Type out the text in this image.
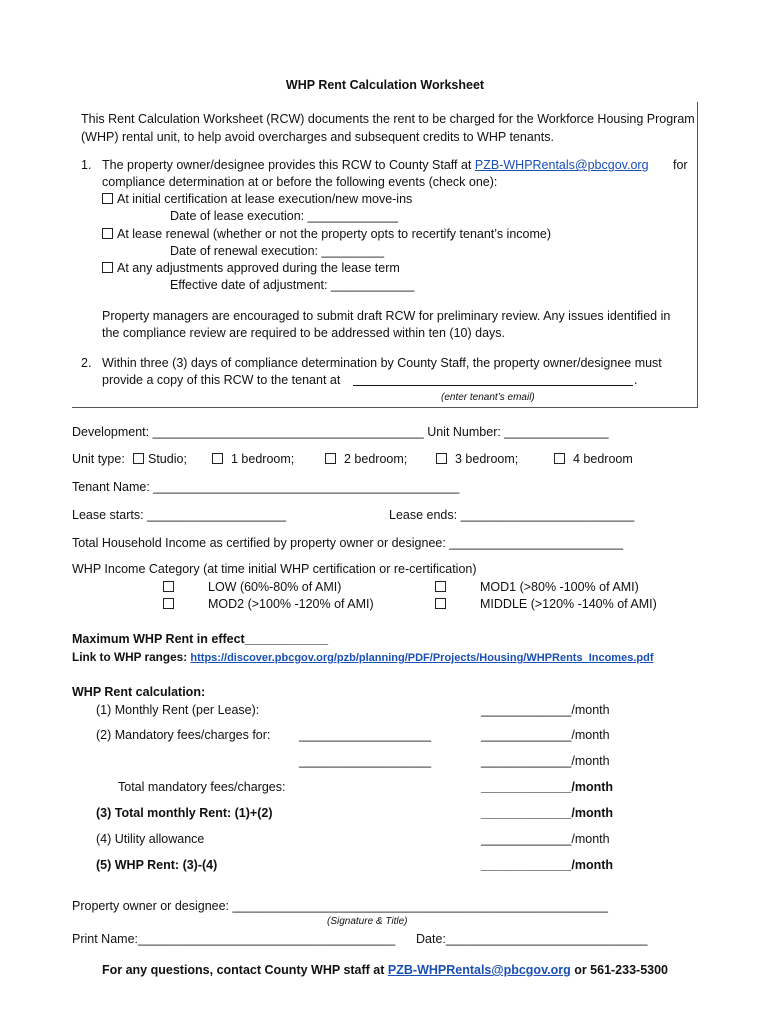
WHP Rent Calculation Worksheet
This Rent Calculation Worksheet (RCW) documents the rent to be charged for the Workforce Housing Program
(WHP) rental unit, to help avoid overcharges and subsequent credits to WHP tenants.
1. The property owner/designee provides this RCW to County Staff at PZB-WHPRentals@pbcgov.org for
compliance determination at or before the following events (check one):
At initial certification at lease execution/new move-ins
Date of lease execution: _____________
At lease renewal (whether or not the property opts to recertify tenant’s income)
Date of renewal execution: _________
At any adjustments approved during the lease term
Effective date of adjustment: ____________
Property managers are encouraged to submit draft RCW for preliminary review. Any issues identified in
the compliance review are required to be addressed within ten (10) days.
2. Within three (3) days of compliance determination by County Staff, the property owner/designee must
provide a copy of this RCW to the tenant at	.
(enter tenant’s email)
Development: _______________________________________ Unit Number: _______________
Unit type:	Studio;	1 bedroom;	2 bedroom;	3 bedroom;	4 bedroom
Tenant Name: ____________________________________________
Lease starts: ____________________	Lease ends: _________________________
Total Household Income as certified by property owner or designee: _________________________
WHP Income Category (at time initial WHP certification or re-certification)
LOW (60%-80% of AMI)	MOD1 (>80% -100% of AMI)
MOD2 (>100% -120% of AMI)	MIDDLE (>120% -140% of AMI)
Maximum WHP Rent in effect____________
Link to WHP ranges: https://discover.pbcgov.org/pzb/planning/PDF/Projects/Housing/WHPRents_Incomes.pdf
WHP Rent calculation:
(1) Monthly Rent (per Lease):	_____________/month
(2) Mandatory fees/charges for: ___________________	_____________/month
___________________	_____________/month
Total mandatory fees/charges:	_____________/month
(3) Total monthly Rent: (1)+(2)	_____________/month
(4) Utility allowance	_____________/month
(5) WHP Rent: (3)-(4)	_____________/month
Property owner or designee: ______________________________________________________
(Signature & Title)
Print Name:_____________________________________ Date:_____________________________
For any questions, contact County WHP staff at PZB-WHPRentals@pbcgov.org or 561-233-5300
